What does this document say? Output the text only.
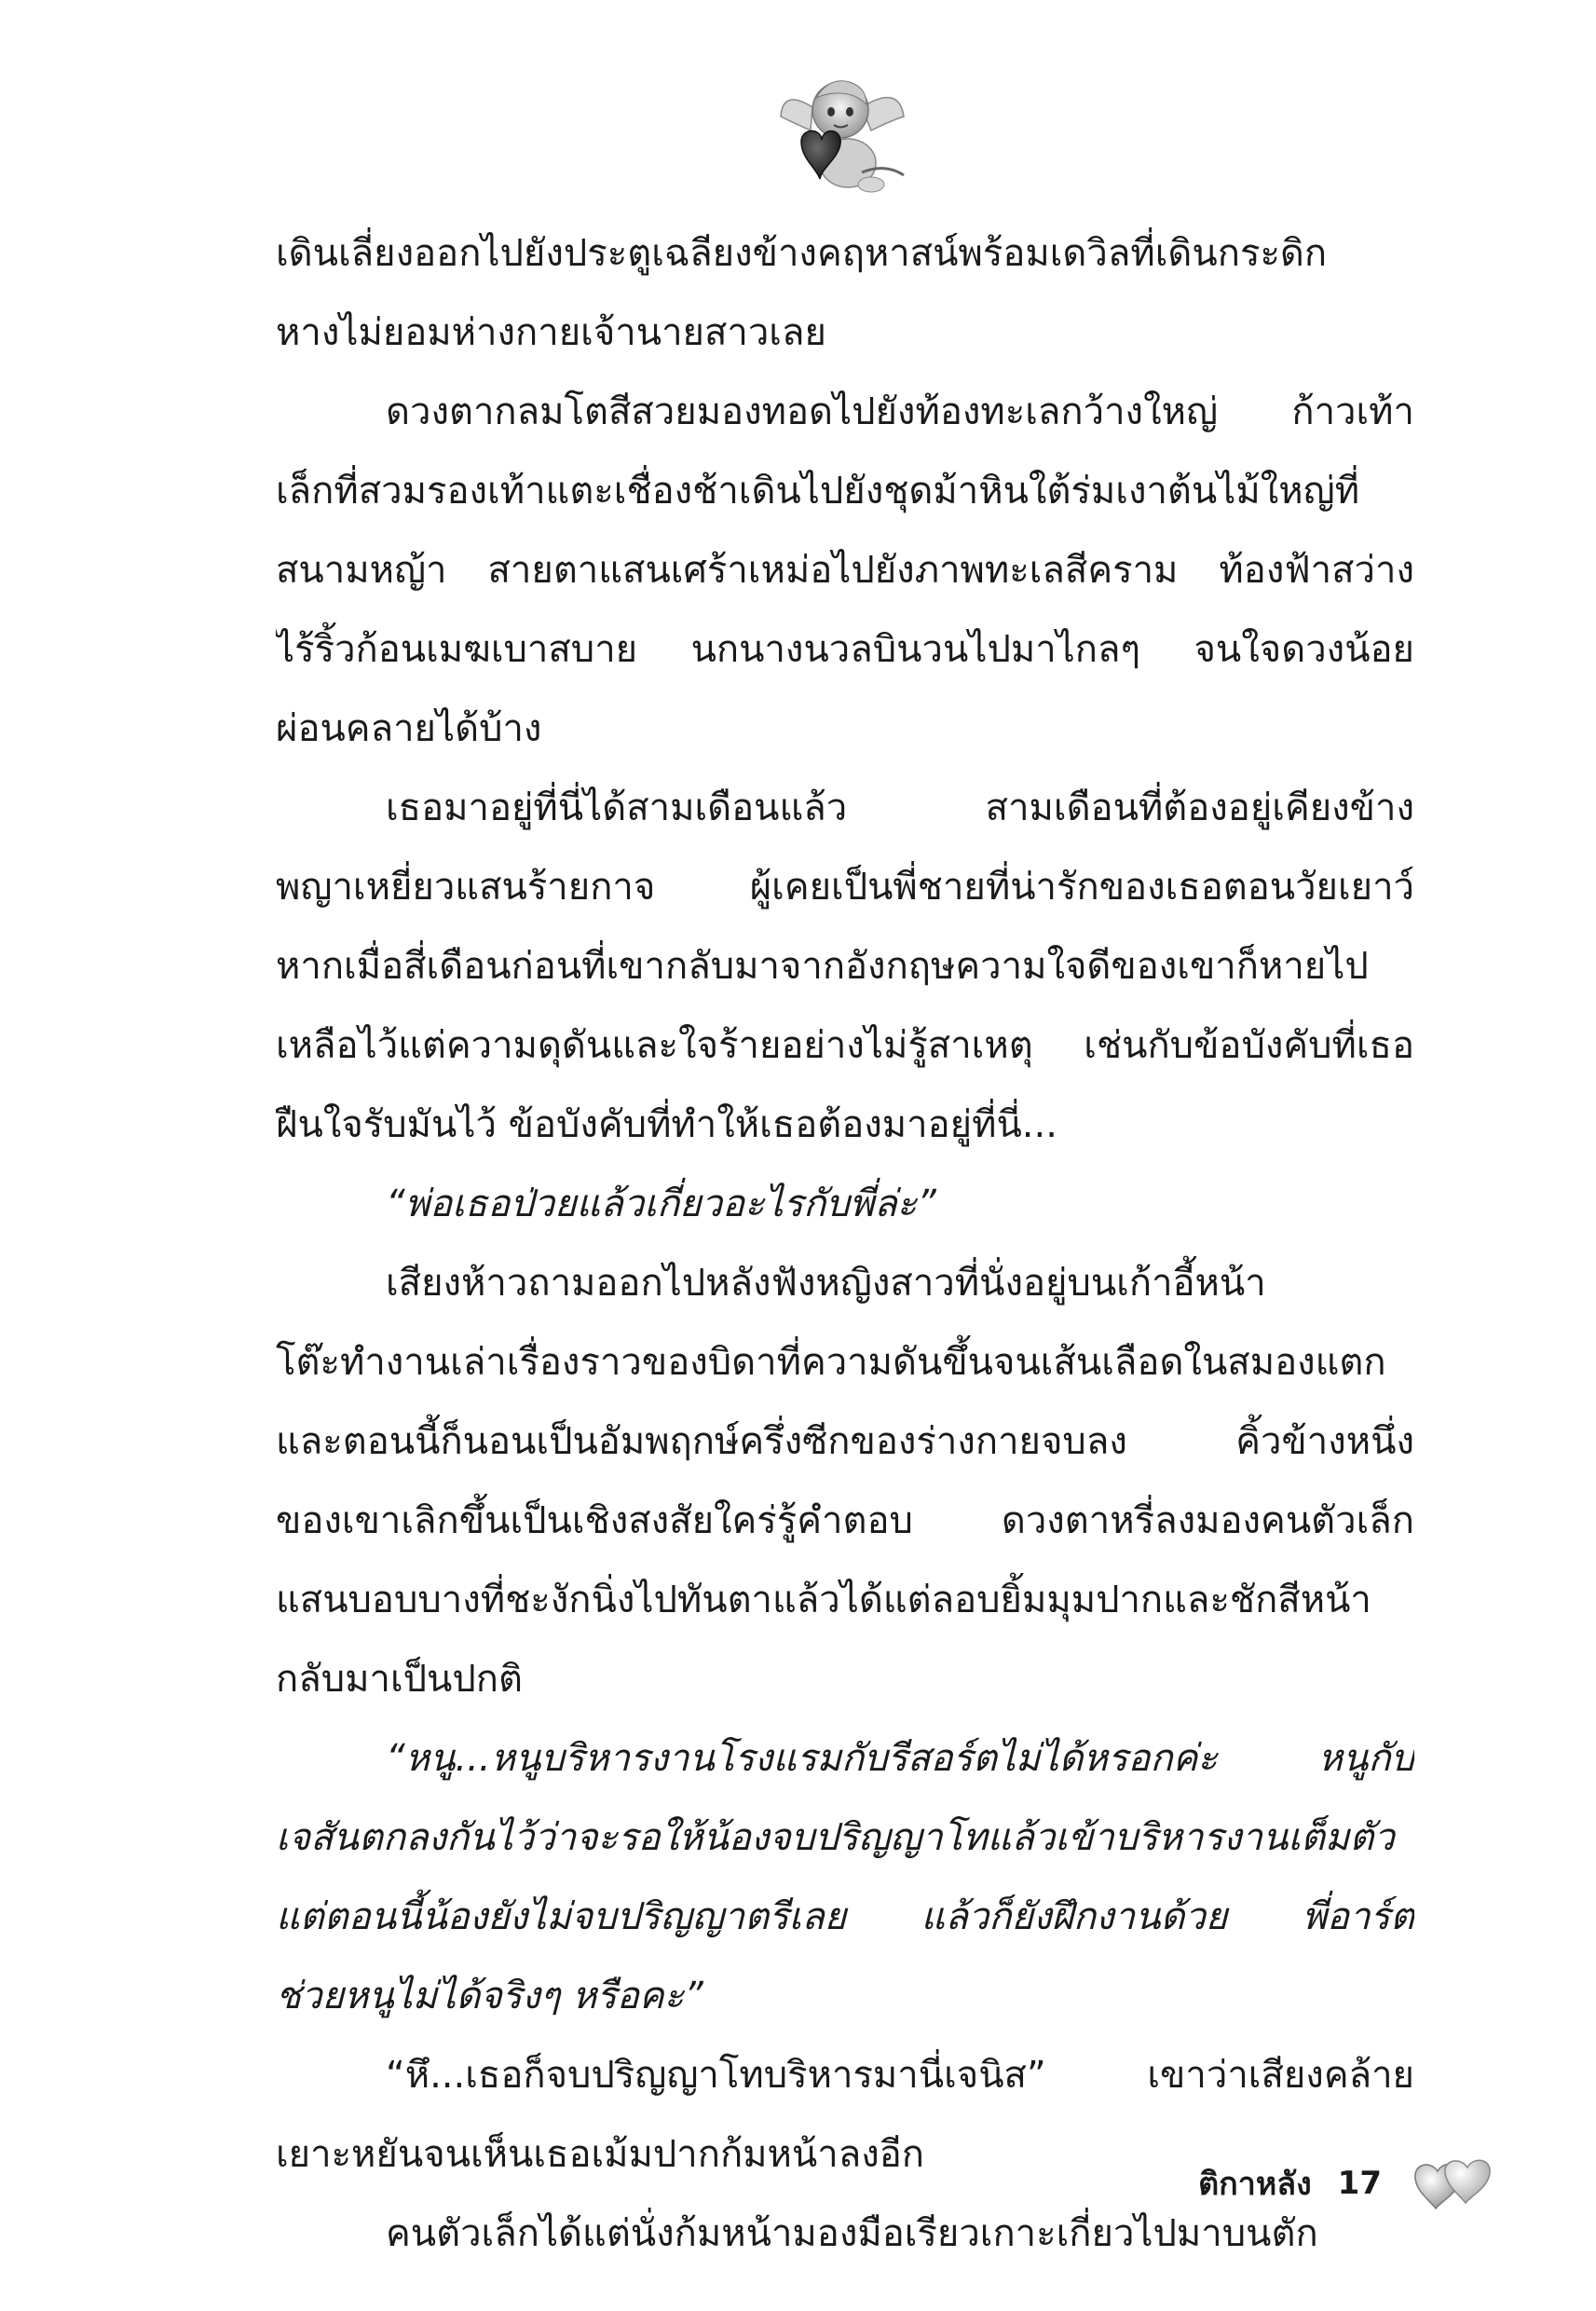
เดินเลี่ยงออกไปยังประตูเฉลียงข้างคฤหาสน์พร้อมเดวิลที่เดินกระดิก
หางไม่ยอมห่างกายเจ้านายสาวเลย
ดวงตากลมโตสีสวยมองทอดไปยังท้องทะเลกว้างใหญ่ ก้าวเท้า
เล็กที่สวมรองเท้าแตะเชื่องช้าเดินไปยังชุดม้าหินใต้ร่มเงาต้นไม้ใหญ่ที่
สนามหญ้า สายตาแสนเศร้าเหม่อไปยังภาพทะเลสีคราม ท้องฟ้าสว่าง
ไร้ริ้วก้อนเมฆเบาสบาย นกนางนวลบินวนไปมาไกลๆ จนใจดวงน้อย
ผ่อนคลายได้บ้าง
เธอมาอยู่ที่นี่ได้สามเดือนแล้ว สามเดือนที่ต้องอยู่เคียงข้าง
พญาเหยี่ยวแสนร้ายกาจ ผู้เคยเป็นพี่ชายที่น่ารักของเธอตอนวัยเยาว์
หากเมื่อสี่เดือนก่อนที่เขากลับมาจากอังกฤษความใจดีของเขาก็หายไป
เหลือไว้แต่ความดุดันและใจร้ายอย่างไม่รู้สาเหตุ เช่นกับข้อบังคับที่เธอ
ฝืนใจรับมันไว้ ข้อบังคับที่ทำให้เธอต้องมาอยู่ที่นี่...
“พ่อเธอป่วยแล้วเกี่ยวอะไรกับพี่ล่ะ”
เสียงห้าวถามออกไปหลังฟังหญิงสาวที่นั่งอยู่บนเก้าอี้หน้า
โต๊ะทำงานเล่าเรื่องราวของบิดาที่ความดันขึ้นจนเส้นเลือดในสมองแตก
และตอนนี้ก็นอนเป็นอัมพฤกษ์ครึ่งซีกของร่างกายจบลง คิ้วข้างหนึ่ง
ของเขาเลิกขึ้นเป็นเชิงสงสัยใคร่รู้คำตอบ ดวงตาหรี่ลงมองคนตัวเล็ก
แสนบอบบางที่ชะงักนิ่งไปทันตาแล้วได้แต่ลอบยิ้มมุมปากและชักสีหน้า
กลับมาเป็นปกติ
“หนู...หนูบริหารงานโรงแรมกับรีสอร์ตไม่ได้หรอกค่ะ หนูกับ
เจสันตกลงกันไว้ว่าจะรอให้น้องจบปริญญาโทแล้วเข้าบริหารงานเต็มตัว
แต่ตอนนี้น้องยังไม่จบปริญญาตรีเลย แล้วก็ยังฝึกงานด้วย พี่อาร์ต
ช่วยหนูไม่ได้จริงๆ หรือคะ”
“หึ...เธอก็จบปริญญาโทบริหารมานี่เจนิส” เขาว่าเสียงคล้าย
เยาะหยันจนเห็นเธอเม้มปากก้มหน้าลงอีก
คนตัวเล็กได้แต่นั่งก้มหน้ามองมือเรียวเกาะเกี่ยวไปมาบนตัก
ติกาหลัง 17
